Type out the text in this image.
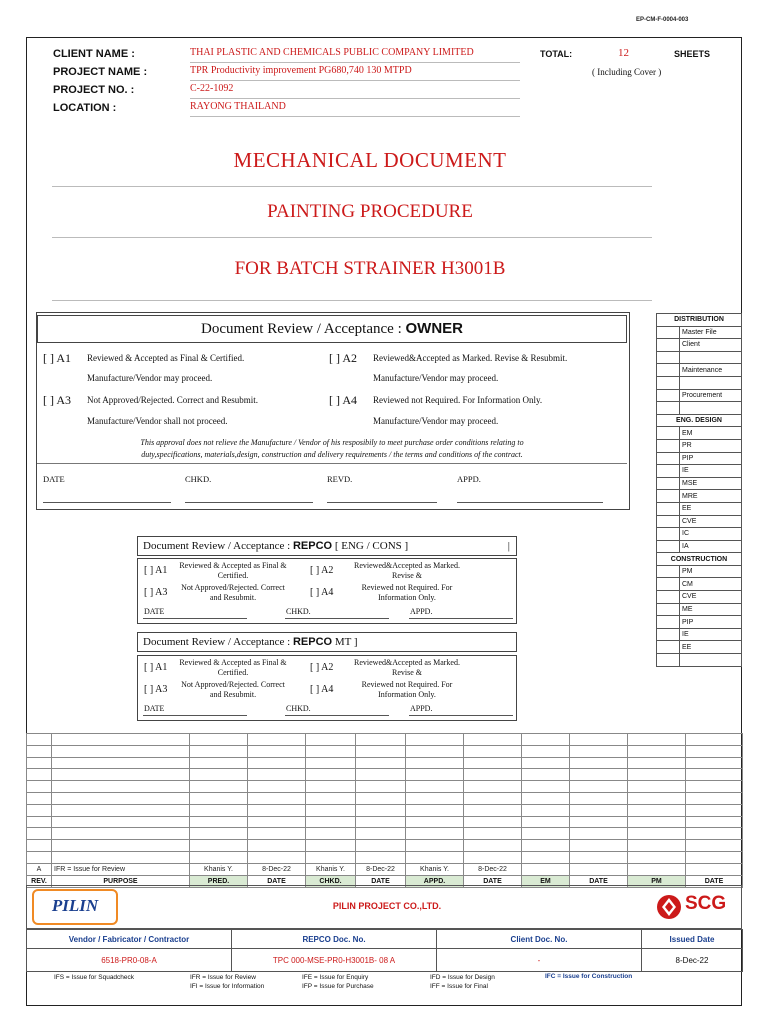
EP-CM-F-0004-003
CLIENT NAME :	THAI PLASTIC AND CHEMICALS PUBLIC COMPANY LIMITED
PROJECT NAME :	TPR Productivity improvement PG680,740 130 MTPD
PROJECT NO. :	C-22-1092
LOCATION :	RAYONG THAILAND
TOTAL:	12	SHEETS
( Including Cover )
MECHANICAL DOCUMENT
PAINTING PROCEDURE
FOR BATCH STRAINER H3001B
Document Review / Acceptance : OWNER
[ ] A1 Reviewed & Accepted as Final & Certified.
Manufacture/Vendor may proceed.
[ ] A2 Reviewed&Accepted as Marked. Revise & Resubmit.
Manufacture/Vendor may proceed.
[ ] A3 Not Approved/Rejected. Correct and Resubmit.
Manufacture/Vendor shall not proceed.
[ ] A4 Reviewed not Required. For Information Only.
Manufacture/Vendor may proceed.
This approval does not relieve the Manufacture / Vendor of his resposibily to meet purchase order conditions relating to
duty,specifications, materials,design, construction and delivery requirements / the terms and conditions of the contract.
DATE	CHKD.	REVD.	APPD.
DISTRIBUTION	
	Master File
	Client

	Maintenance

	Procurement

ENG. DESIGN	
	EM
	PR
	PIP
	IE
	MSE
	MRE
	EE
	CVE
	IC
	IA
CONSTRUCTION	
	PM
	CM
	CVE
	ME
	PIP
	IE
	EE

Document Review / Acceptance : REPCO [ ENG / CONS ]	|
[ ] A1 Reviewed & Accepted as Final & Certified.	[ ] A2	Reviewed&Accepted as Marked. Revise &
[ ] A3	Not Approved/Rejected. Correct and Resubmit.	[ ] A4	Reviewed not Required. For Information Only.
DATE	CHKD.	APPD.
Document Review / Acceptance : REPCO MT ]
[ ] A1 Reviewed & Accepted as Final & Certified.	[ ] A2	Reviewed&Accepted as Marked. Revise &
[ ] A3	Not Approved/Rejected. Correct and Resubmit.	[ ] A4	Reviewed not Required. For Information Only.
DATE	CHKD.	APPD.

A	IFR = Issue for Review	Khanis Y.	8-Dec-22	Khanis Y.	8-Dec-22	Khanis Y.	8-Dec-22				
REV.	PURPOSE	PRED.	DATE	CHKD.	DATE	APPD.	DATE	EM	DATE	PM	DATE
PILIN	PILIN PROJECT CO.,LTD.	SCG
Vendor / Fabricator / Contractor	REPCO Doc. No.	Client Doc. No.	Issued Date
6518-PR0-08-A	TPC 000-MSE-PR0-H3001B- 08 A	-	8-Dec-22
IFS = Issue for Squadcheck	IFR = Issue for Review
IFI = Issue for Information
IFE = Issue for Enquiry
IFP = Issue for Purchase
IFD = Issue for Design
IFF = Issue for Final
IFC = Issue for Construction
